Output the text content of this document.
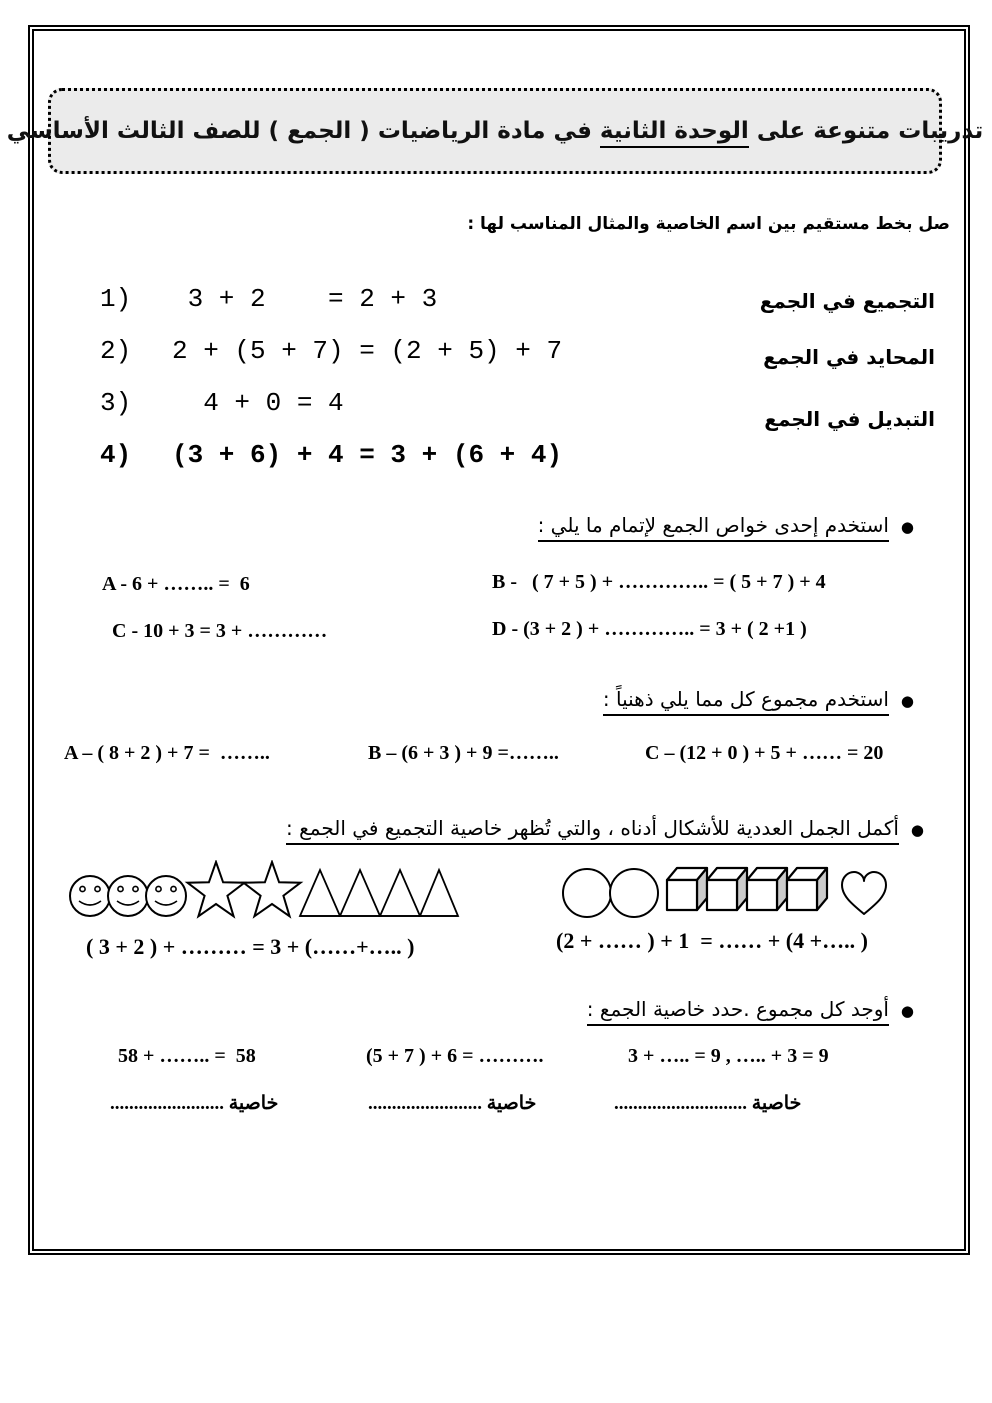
تدريبات متنوعة على الوحدة الثانية في مادة الرياضيات ( الجمع ) للصف الثالث الأساسي
صل بخط مستقيم بين اسم الخاصية والمثال المناسب لها :
1)	3 + 2    = 2 + 3
2)	2 + (5 + 7) = (2 + 5) + 7
3)	4 + 0 = 4
4)	(3 + 6) + 4 = 3 + (6 + 4)
التجميع في الجمع
المحايد في الجمع
التبديل في الجمع
●
استخدم إحدى خواص الجمع لإتمام ما يلي :
A - 6 + …….. =  6	B -   ( 7 + 5 ) + ………….. = ( 5 + 7 ) + 4
C - 10 + 3 = 3 + …………	D - (3 + 2 ) + ………….. = 3 + ( 2 +1 )
●
استخدم مجموع كل مما يلي ذهنياً :
A – ( 8 + 2 ) + 7 =  ……..	B – (6 + 3 ) + 9 =……..	C – (12 + 0 ) + 5 + …… = 20
●
أكمل الجمل العددية للأشكال أدناه ، والتي تُظهر خاصية التجميع في الجمع :
( 3 + 2 ) + ……… = 3 + (……+….. )	(2 + …… ) + 1  = …… + (4 +….. )
●
أوجد كل مجموع .حدد خاصية الجمع :
58 + …….. =  58	(5 + 7 ) + 6 = ……….	3 + ….. = 9 , ….. + 3 = 9
خاصية ........................	خاصية ........................	خاصية ............................
